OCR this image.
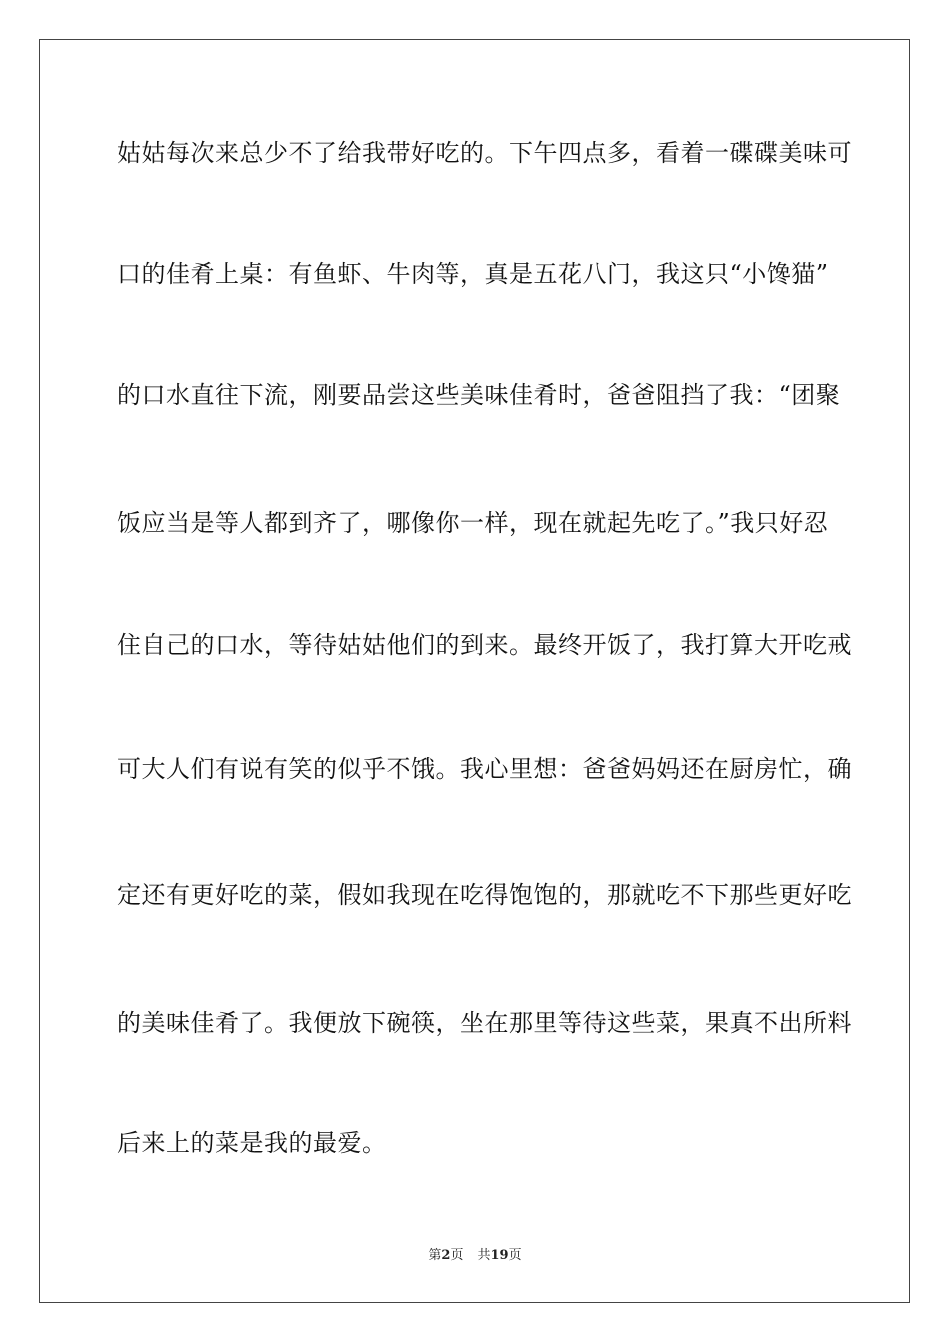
姑姑每次来总少不了给我带好吃的。下午四点多，看着一碟碟美味可
口的佳肴上桌：有鱼虾、牛肉等，真是五花八门，我这只“小馋猫”
的口水直往下流，刚要品尝这些美味佳肴时，爸爸阻挡了我：“团聚
饭应当是等人都到齐了，哪像你一样，现在就起先吃了。”我只好忍
住自己的口水，等待姑姑他们的到来。最终开饭了，我打算大开吃戒
可大人们有说有笑的似乎不饿。我心里想：爸爸妈妈还在厨房忙，确
定还有更好吃的菜，假如我现在吃得饱饱的，那就吃不下那些更好吃
的美味佳肴了。我便放下碗筷，坐在那里等待这些菜，果真不出所料
后来上的菜是我的最爱。
第2页 共19页
